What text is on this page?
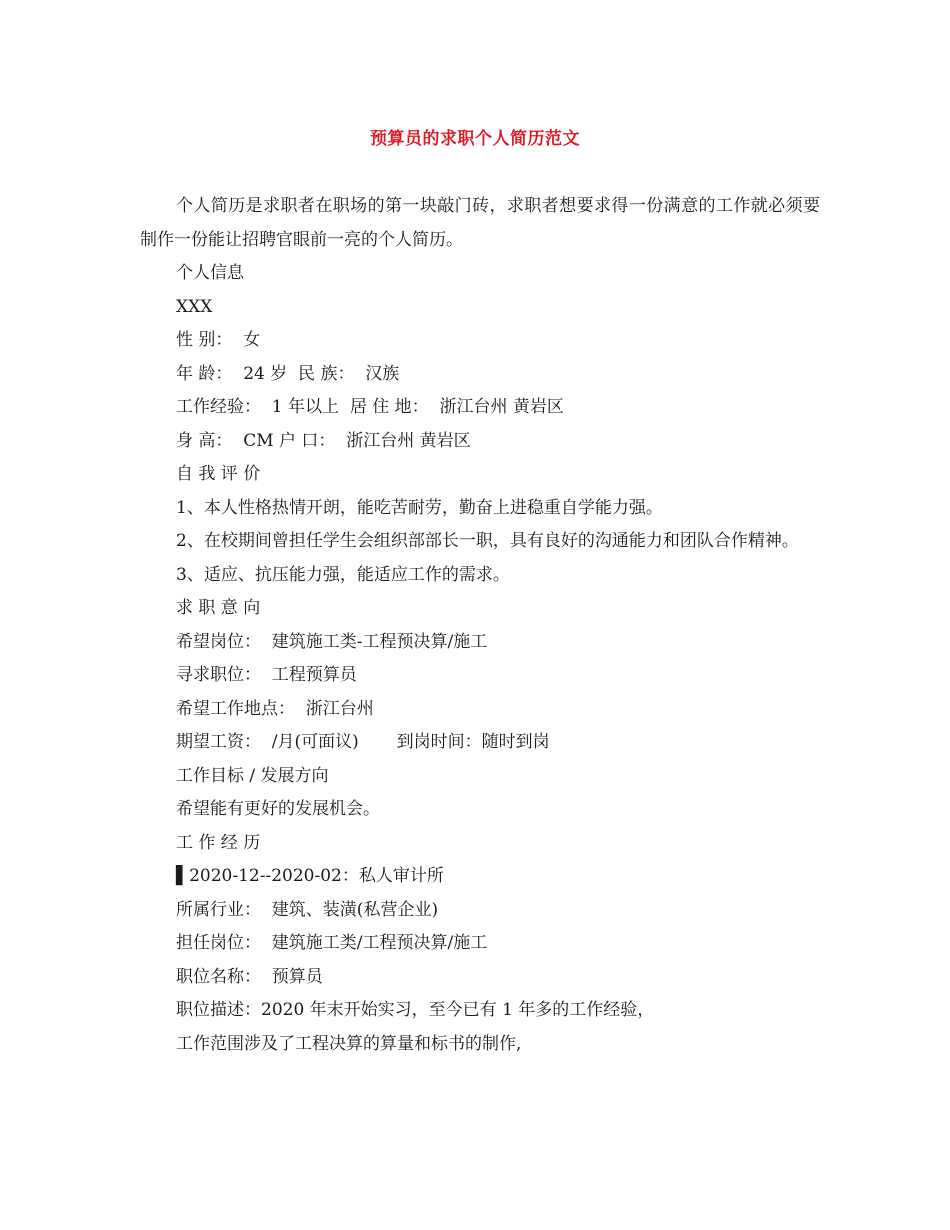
预算员的求职个人简历范文

个人简历是求职者在职场的第一块敲门砖，求职者想要求得一份满意的工作就必须要制作一份能让招聘官眼前一亮的个人简历。

个人信息

XXX

性 别：  女

年 龄：  24 岁  民 族：  汉族

工作经验：  1 年以上  居 住 地：  浙江台州 黄岩区

身 高：  CM 户 口：  浙江台州 黄岩区

自 我 评 价

1、本人性格热情开朗，能吃苦耐劳，勤奋上进稳重自学能力强。

2、在校期间曾担任学生会组织部部长一职，具有良好的沟通能力和团队合作精神。

3、适应、抗压能力强，能适应工作的需求。

求 职 意 向

希望岗位：  建筑施工类-工程预决算/施工

寻求职位：  工程预算员

希望工作地点：  浙江台州

期望工资：  /月(可面议)       到岗时间：随时到岗

工作目标 / 发展方向

希望能有更好的发展机会。

工 作 经 历

▌2020-12--2020-02：私人审计所

所属行业：  建筑、装潢(私营企业)

担任岗位：  建筑施工类/工程预决算/施工

职位名称：  预算员

职位描述：2020 年末开始实习，至今已有 1 年多的工作经验，

工作范围涉及了工程决算的算量和标书的制作,
